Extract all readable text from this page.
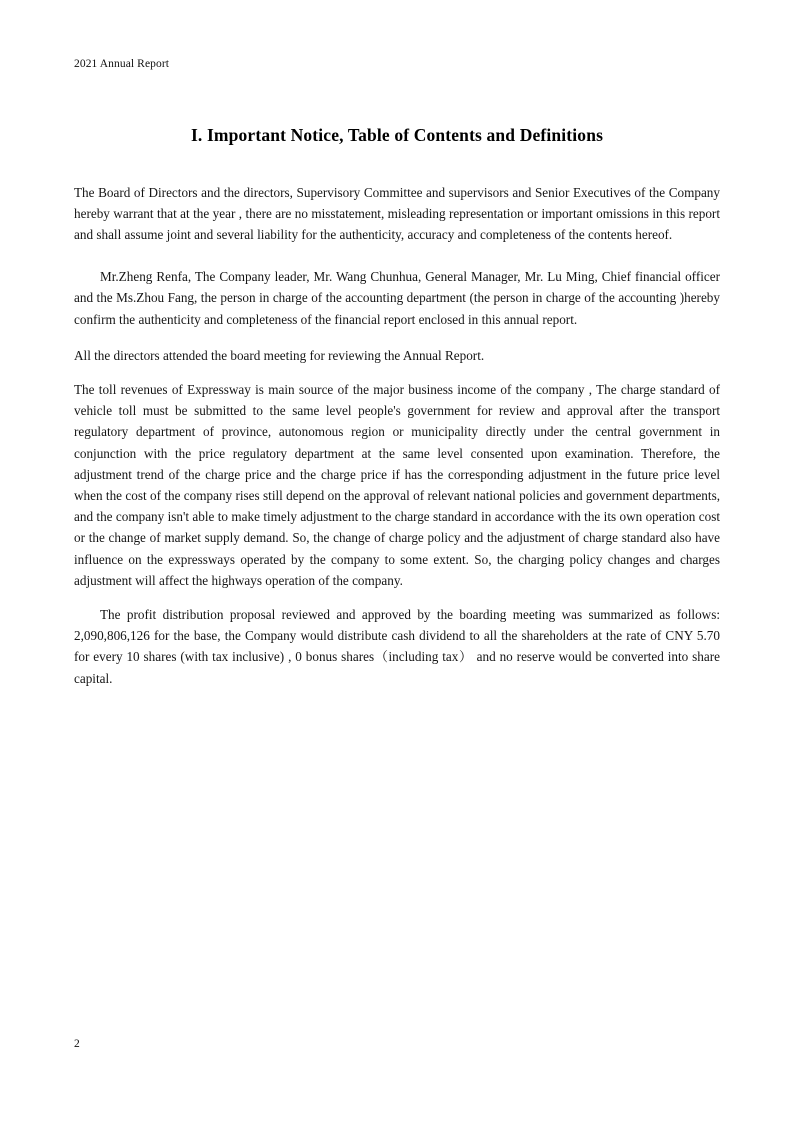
2021 Annual Report
I. Important Notice, Table of Contents and Definitions

The Board of Directors and the directors, Supervisory Committee and supervisors and Senior Executives of the Company hereby warrant that at the year , there are no misstatement, misleading representation or important omissions in this report and shall assume joint and several liability for the authenticity, accuracy and completeness of the contents hereof.

Mr.Zheng Renfa, The Company leader, Mr. Wang Chunhua, General Manager, Mr. Lu Ming, Chief financial officer and the Ms.Zhou Fang, the person in charge of the accounting department (the person in charge of the accounting )hereby confirm the authenticity and completeness of the financial report enclosed in this annual report.

All the directors attended the board meeting for reviewing the Annual Report.

The toll revenues of Expressway is main source of the major business income of the company , The charge standard of vehicle toll must be submitted to the same level people's government for review and approval after the transport regulatory department of province, autonomous region or municipality directly under the central government in conjunction with the price regulatory department at the same level consented upon examination. Therefore, the adjustment trend of the charge price and the charge price if has the corresponding adjustment in the future price level when the cost of the company rises still depend on the approval of relevant national policies and government departments, and the company isn't able to make timely adjustment to the charge standard in accordance with the its own operation cost or the change of market supply demand. So, the change of charge policy and the adjustment of charge standard also have influence on the expressways operated by the company to some extent. So, the charging policy changes and charges adjustment will affect the highways operation of the company.

The profit distribution proposal reviewed and approved by the boarding meeting was summarized as follows: 2,090,806,126 for the base, the Company would distribute cash dividend to all the shareholders at the rate of CNY 5.70 for every 10 shares (with tax inclusive) , 0 bonus shares（including tax） and no reserve would be converted into share capital.

2
